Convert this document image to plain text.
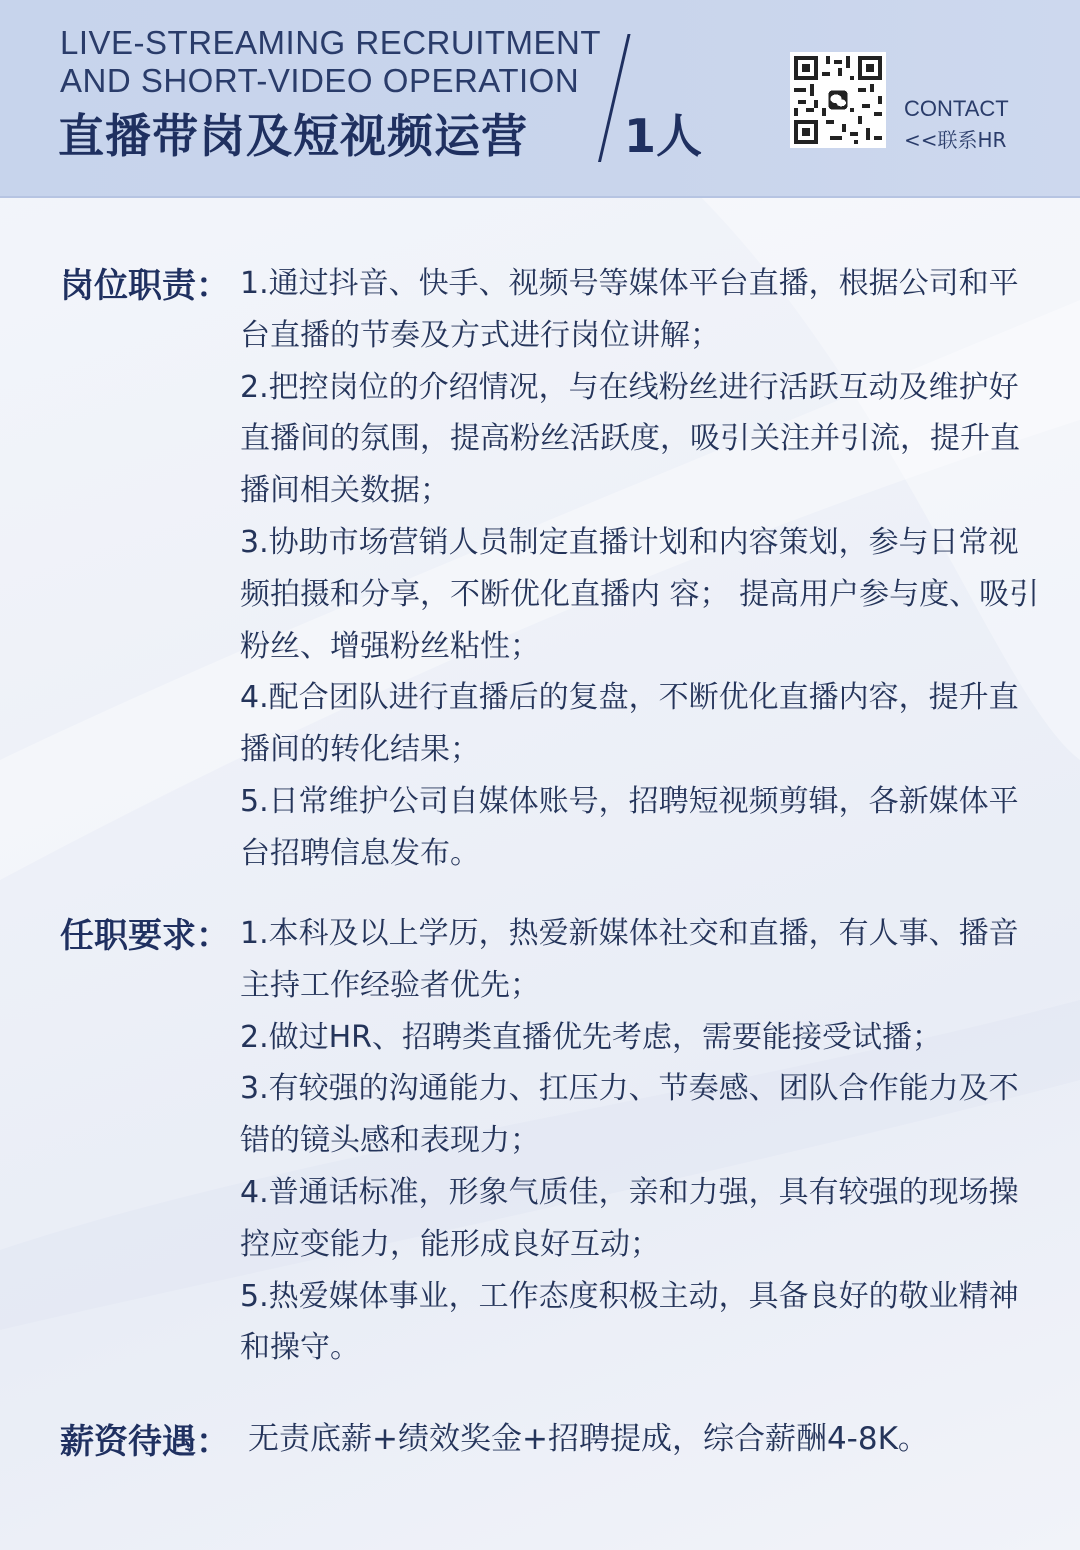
LIVE-STREAMING RECRUITMENT
AND SHORT-VIDEO OPERATION
直播带岗及短视频运营 1人
CONTACT
<<联系HR
岗位职责： 1.通过抖音、快手、视频号等媒体平台直播，根据公司和平台直播的节奏及方式进行岗位讲解；

2.把控岗位的介绍情况，与在线粉丝进行活跃互动及维护好直播间的氛围，提高粉丝活跃度，吸引关注并引流，提升直播间相关数据；

3.协助市场营销人员制定直播计划和内容策划，参与日常视频拍摄和分享，不断优化直播内 容； 提高用户参与度、吸引粉丝、增强粉丝粘性；

4.配合团队进行直播后的复盘，不断优化直播内容，提升直播间的转化结果；

5.日常维护公司自媒体账号，招聘短视频剪辑，各新媒体平台招聘信息发布。

任职要求： 1.本科及以上学历，热爱新媒体社交和直播，有人事、播音主持工作经验者优先；

2.做过HR、招聘类直播优先考虑，需要能接受试播；

3.有较强的沟通能力、扛压力、节奏感、团队合作能力及不错的镜头感和表现力；

4.普通话标准，形象气质佳，亲和力强，具有较强的现场操控应变能力，能形成良好互动；

5.热爱媒体事业，工作态度积极主动，具备良好的敬业精神和操守。

薪资待遇： 无责底薪+绩效奖金+招聘提成，综合薪酬4-8K。
